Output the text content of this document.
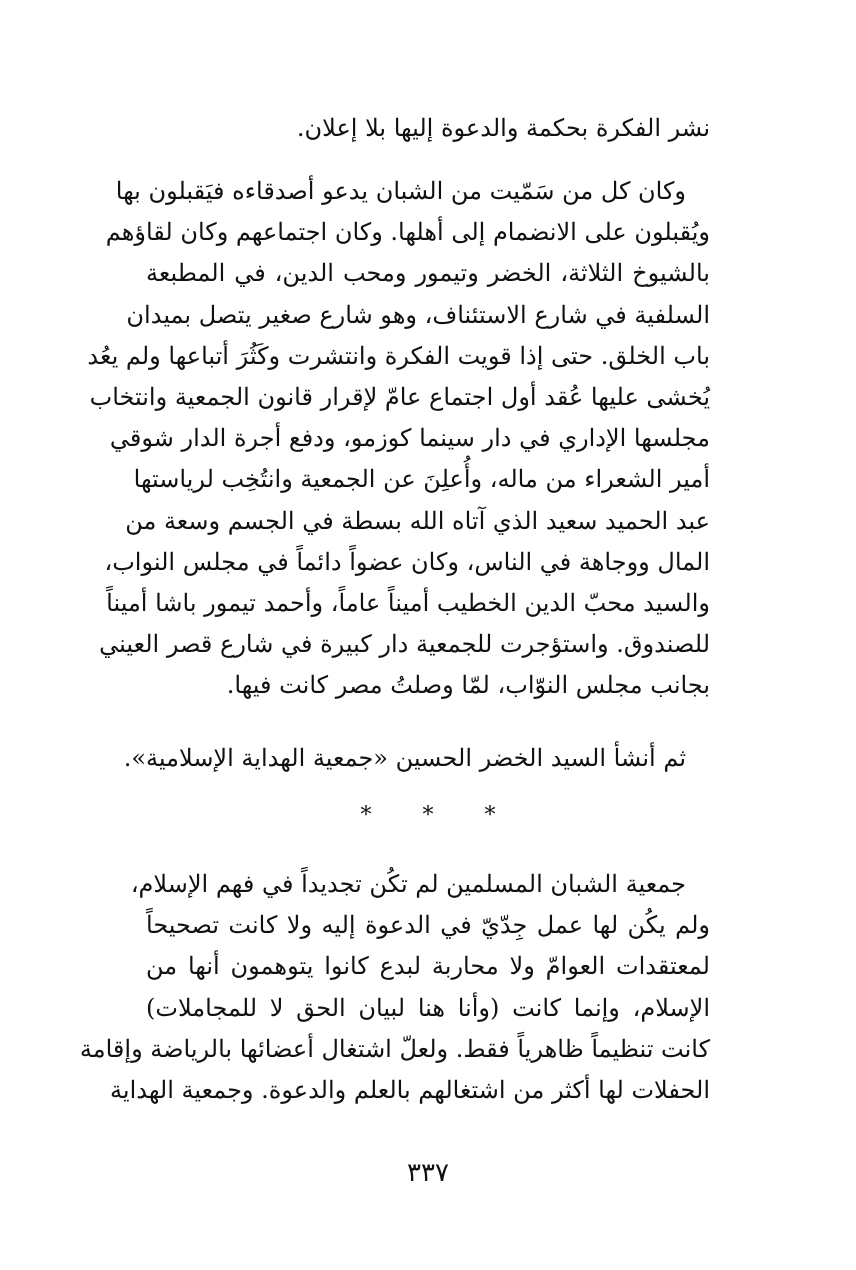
نشر الفكرة بحكمة والدعوة إليها بلا إعلان.
وكان كل من سَمّيت من الشبان يدعو أصدقاءه فيَقبلون بها
ويُقبلون على الانضمام إلى أهلها. وكان اجتماعهم وكان لقاؤهم
بالشيوخ الثلاثة، الخضر وتيمور ومحب الدين، في المطبعة
السلفية في شارع الاستئناف، وهو شارع صغير يتصل بميدان
باب الخلق. حتى إذا قويت الفكرة وانتشرت وكَثُرَ أتباعها ولم يعُد
يُخشى عليها عُقد أول اجتماع عامّ لإقرار قانون الجمعية وانتخاب
مجلسها الإداري في دار سينما كوزمو، ودفع أجرة الدار شوقي
أمير الشعراء من ماله، وأُعلِنَ عن الجمعية وانتُخِب لرياستها
عبد الحميد سعيد الذي آتاه الله بسطة في الجسم وسعة من
المال ووجاهة في الناس، وكان عضواً دائماً في مجلس النواب،
والسيد محبّ الدين الخطيب أميناً عاماً، وأحمد تيمور باشا أميناً
للصندوق. واستؤجرت للجمعية دار كبيرة في شارع قصر العيني
بجانب مجلس النوّاب، لمّا وصلتُ مصر كانت فيها.
ثم أنشأ السيد الخضر الحسين «جمعية الهداية الإسلامية».
* * *
جمعية الشبان المسلمين لم تكُن تجديداً في فهم الإسلام،
ولم يكُن لها عمل جِدّيّ في الدعوة إليه ولا كانت تصحيحاً
لمعتقدات العوامّ ولا محاربة لبدع كانوا يتوهمون أنها من
الإسلام، وإنما كانت (وأنا هنا لبيان الحق لا للمجاملات)
كانت تنظيماً ظاهرياً فقط. ولعلّ اشتغال أعضائها بالرياضة وإقامة
الحفلات لها أكثر من اشتغالهم بالعلم والدعوة. وجمعية الهداية
٣٣٧
